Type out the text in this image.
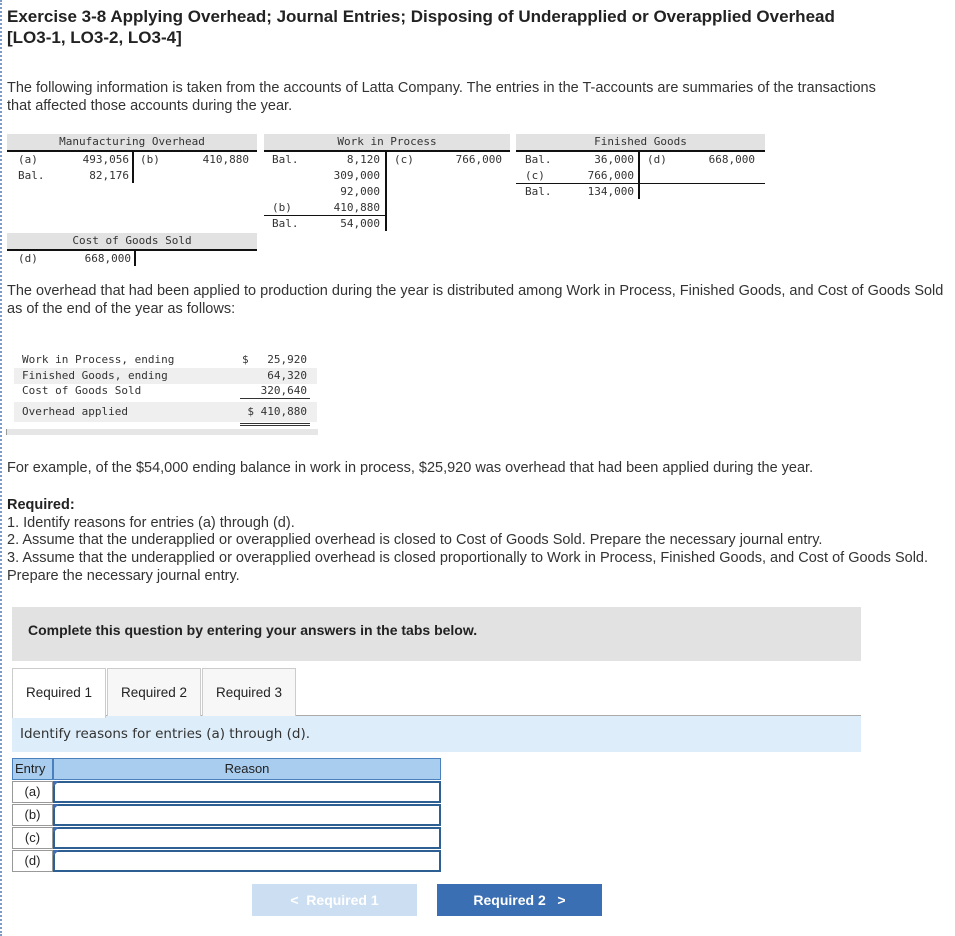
Exercise 3-8 Applying Overhead; Journal Entries; Disposing of Underapplied or Overapplied Overhead
[LO3-1, LO3-2, LO3-4]
The following information is taken from the accounts of Latta Company. The entries in the T-accounts are summaries of the transactions that affected those accounts during the year.
Manufacturing Overhead
(a)	493,056 (b)	410,880
Bal.	82,176
Work in Process
Bal.	8,120
309,000
92,000
(b)	410,880
Bal.	54,000
(c)	766,000
Finished Goods
Bal.	36,000
(c)	766,000
Bal.	134,000
(d)	668,000
Cost of Goods Sold
(d)	668,000
The overhead that had been applied to production during the year is distributed among Work in Process, Finished Goods, and Cost of Goods Sold as of the end of the year as follows:
Work in Process, ending	$ 25,920
Finished Goods, ending	64,320
Cost of Goods Sold	320,640
Overhead applied	$ 410,880
For example, of the $54,000 ending balance in work in process, $25,920 was overhead that had been applied during the year.
Required:
1. Identify reasons for entries (a) through (d).
2. Assume that the underapplied or overapplied overhead is closed to Cost of Goods Sold. Prepare the necessary journal entry.
3. Assume that the underapplied or overapplied overhead is closed proportionally to Work in Process, Finished Goods, and Cost of Goods Sold. Prepare the necessary journal entry.
Complete this question by entering your answers in the tabs below.
Required 1	Required 2	Required 3
Identify reasons for entries (a) through (d).
Entry	Reason
(a)
(b)
(c)
(d)
< Required 1	Required 2 >
